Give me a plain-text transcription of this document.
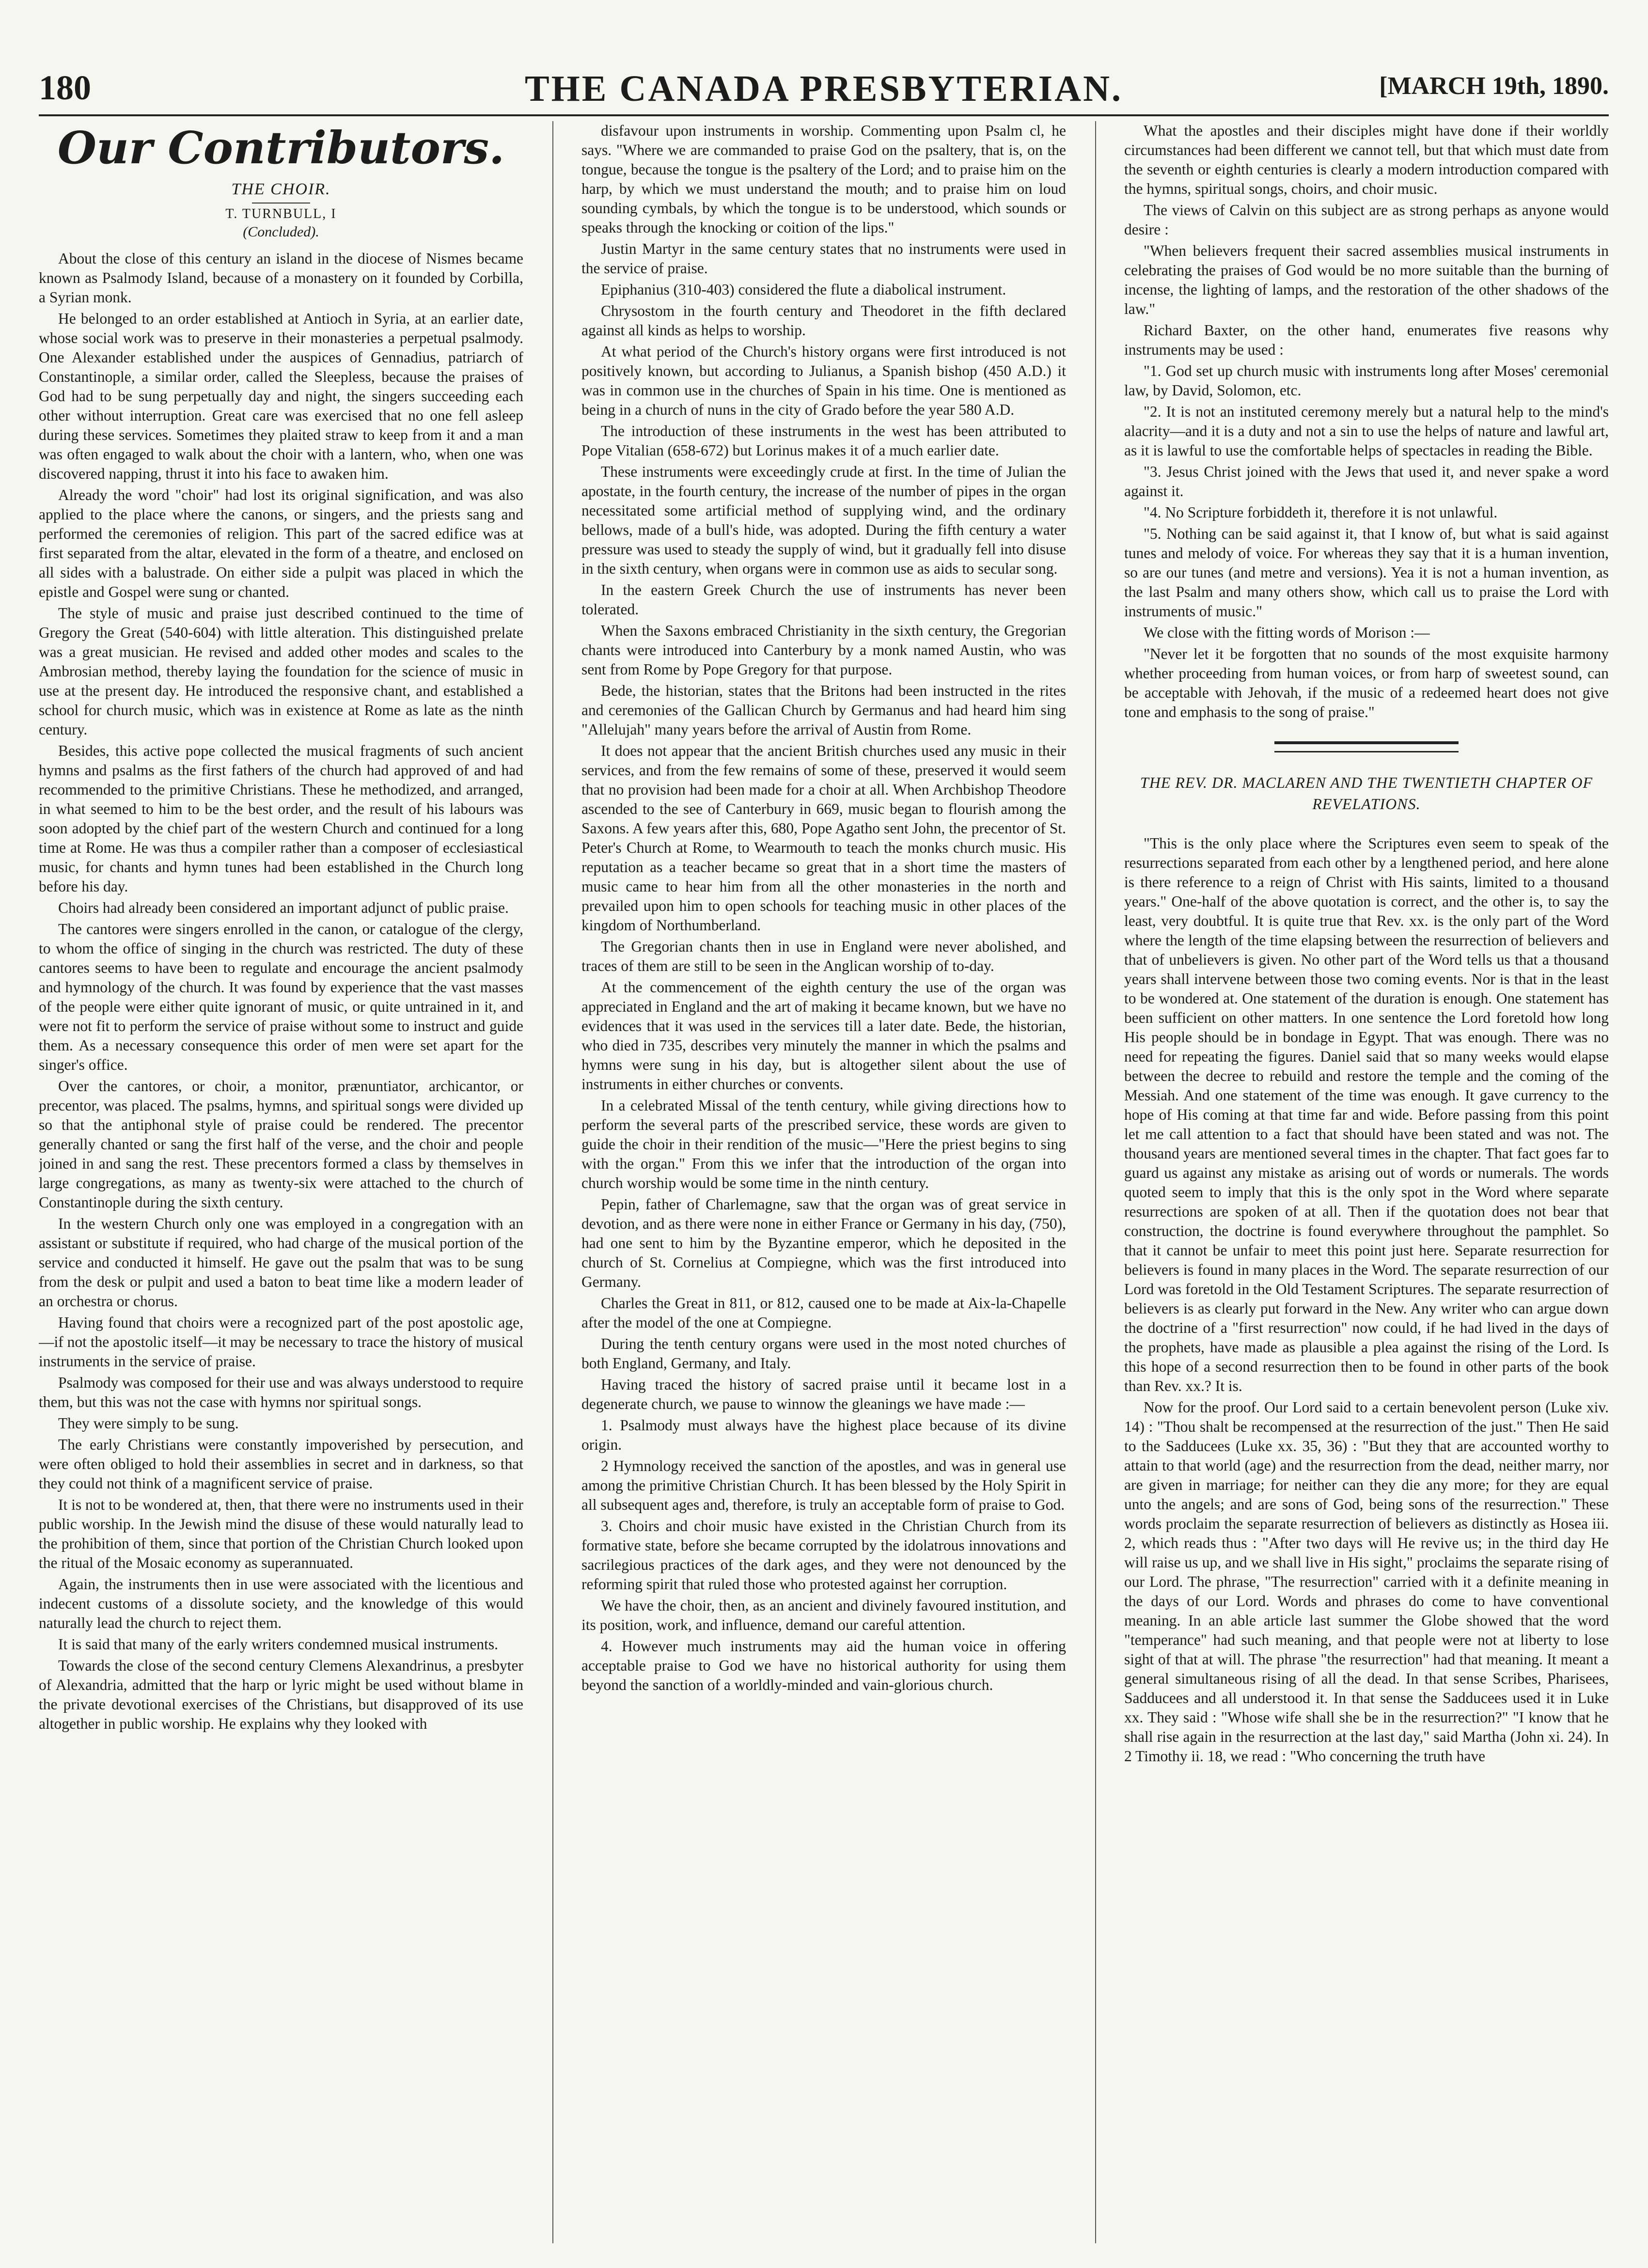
180	THE CANADA PRESBYTERIAN.	[MARCH 19th, 1890.
Our Contributors.
THE CHOIR.
T. TURNBULL, I
(Concluded).

About the close of this century an island in the diocese of Nismes became known as Psalmody Island, because of a monastery on it founded by Corbilla, a Syrian monk.

He belonged to an order established at Antioch in Syria, at an earlier date, whose social work was to preserve in their monasteries a perpetual psalmody. One Alexander established under the auspices of Gennadius, patriarch of Constantinople, a similar order, called the Sleepless, because the praises of God had to be sung perpetually day and night, the singers succeeding each other without interruption. Great care was exercised that no one fell asleep during these services. Sometimes they plaited straw to keep from it and a man was often engaged to walk about the choir with a lantern, who, when one was discovered napping, thrust it into his face to awaken him.

Already the word "choir" had lost its original signification, and was also applied to the place where the canons, or singers, and the priests sang and performed the ceremonies of religion. This part of the sacred edifice was at first separated from the altar, elevated in the form of a theatre, and enclosed on all sides with a balustrade. On either side a pulpit was placed in which the epistle and Gospel were sung or chanted.

The style of music and praise just described continued to the time of Gregory the Great (540-604) with little alteration. This distinguished prelate was a great musician. He revised and added other modes and scales to the Ambrosian method, thereby laying the foundation for the science of music in use at the present day. He introduced the responsive chant, and established a school for church music, which was in existence at Rome as late as the ninth century.

Besides, this active pope collected the musical fragments of such ancient hymns and psalms as the first fathers of the church had approved of and had recommended to the primitive Christians. These he methodized, and arranged, in what seemed to him to be the best order, and the result of his labours was soon adopted by the chief part of the western Church and continued for a long time at Rome. He was thus a compiler rather than a composer of ecclesiastical music, for chants and hymn tunes had been established in the Church long before his day.

Choirs had already been considered an important adjunct of public praise.

The cantores were singers enrolled in the canon, or catalogue of the clergy, to whom the office of singing in the church was restricted. The duty of these cantores seems to have been to regulate and encourage the ancient psalmody and hymnology of the church. It was found by experience that the vast masses of the people were either quite ignorant of music, or quite untrained in it, and were not fit to perform the service of praise without some to instruct and guide them. As a necessary consequence this order of men were set apart for the singer's office.

Over the cantores, or choir, a monitor, prænuntiator, archicantor, or precentor, was placed. The psalms, hymns, and spiritual songs were divided up so that the antiphonal style of praise could be rendered. The precentor generally chanted or sang the first half of the verse, and the choir and people joined in and sang the rest. These precentors formed a class by themselves in large congregations, as many as twenty-six were attached to the church of Constantinople during the sixth century.

In the western Church only one was employed in a congregation with an assistant or substitute if required, who had charge of the musical portion of the service and conducted it himself. He gave out the psalm that was to be sung from the desk or pulpit and used a baton to beat time like a modern leader of an orchestra or chorus.

Having found that choirs were a recognized part of the post apostolic age,—if not the apostolic itself—it may be necessary to trace the history of musical instruments in the service of praise.

Psalmody was composed for their use and was always understood to require them, but this was not the case with hymns nor spiritual songs.

They were simply to be sung.

The early Christians were constantly impoverished by persecution, and were often obliged to hold their assemblies in secret and in darkness, so that they could not think of a magnificent service of praise.

It is not to be wondered at, then, that there were no instruments used in their public worship. In the Jewish mind the disuse of these would naturally lead to the prohibition of them, since that portion of the Christian Church looked upon the ritual of the Mosaic economy as superannuated.

Again, the instruments then in use were associated with the licentious and indecent customs of a dissolute society, and the knowledge of this would naturally lead the church to reject them.

It is said that many of the early writers condemned musical instruments.

Towards the close of the second century Clemens Alexandrinus, a presbyter of Alexandria, admitted that the harp or lyric might be used without blame in the private devotional exercises of the Christians, but disapproved of its use altogether in public worship. He explains why they looked with

disfavour upon instruments in worship. Commenting upon Psalm cl, he says. "Where we are commanded to praise God on the psaltery, that is, on the tongue, because the tongue is the psaltery of the Lord; and to praise him on the harp, by which we must understand the mouth; and to praise him on loud sounding cymbals, by which the tongue is to be understood, which sounds or speaks through the knocking or coition of the lips."

Justin Martyr in the same century states that no instruments were used in the service of praise.

Epiphanius (310-403) considered the flute a diabolical instrument.

Chrysostom in the fourth century and Theodoret in the fifth declared against all kinds as helps to worship.

At what period of the Church's history organs were first introduced is not positively known, but according to Julianus, a Spanish bishop (450 A.D.) it was in common use in the churches of Spain in his time. One is mentioned as being in a church of nuns in the city of Grado before the year 580 A.D.

The introduction of these instruments in the west has been attributed to Pope Vitalian (658-672) but Lorinus makes it of a much earlier date.

These instruments were exceedingly crude at first. In the time of Julian the apostate, in the fourth century, the increase of the number of pipes in the organ necessitated some artificial method of supplying wind, and the ordinary bellows, made of a bull's hide, was adopted. During the fifth century a water pressure was used to steady the supply of wind, but it gradually fell into disuse in the sixth century, when organs were in common use as aids to secular song.

In the eastern Greek Church the use of instruments has never been tolerated.

When the Saxons embraced Christianity in the sixth century, the Gregorian chants were introduced into Canterbury by a monk named Austin, who was sent from Rome by Pope Gregory for that purpose.

Bede, the historian, states that the Britons had been instructed in the rites and ceremonies of the Gallican Church by Germanus and had heard him sing "Allelujah" many years before the arrival of Austin from Rome.

It does not appear that the ancient British churches used any music in their services, and from the few remains of some of these, preserved it would seem that no provision had been made for a choir at all. When Archbishop Theodore ascended to the see of Canterbury in 669, music began to flourish among the Saxons. A few years after this, 680, Pope Agatho sent John, the precentor of St. Peter's Church at Rome, to Wearmouth to teach the monks church music. His reputation as a teacher became so great that in a short time the masters of music came to hear him from all the other monasteries in the north and prevailed upon him to open schools for teaching music in other places of the kingdom of Northumberland.

The Gregorian chants then in use in England were never abolished, and traces of them are still to be seen in the Anglican worship of to-day.

At the commencement of the eighth century the use of the organ was appreciated in England and the art of making it became known, but we have no evidences that it was used in the services till a later date. Bede, the historian, who died in 735, describes very minutely the manner in which the psalms and hymns were sung in his day, but is altogether silent about the use of instruments in either churches or convents.

In a celebrated Missal of the tenth century, while giving directions how to perform the several parts of the prescribed service, these words are given to guide the choir in their rendition of the music—"Here the priest begins to sing with the organ." From this we infer that the introduction of the organ into church worship would be some time in the ninth century.

Pepin, father of Charlemagne, saw that the organ was of great service in devotion, and as there were none in either France or Germany in his day, (750), had one sent to him by the Byzantine emperor, which he deposited in the church of St. Cornelius at Compiegne, which was the first introduced into Germany.

Charles the Great in 811, or 812, caused one to be made at Aix-la-Chapelle after the model of the one at Compiegne.

During the tenth century organs were used in the most noted churches of both England, Germany, and Italy.

Having traced the history of sacred praise until it became lost in a degenerate church, we pause to winnow the gleanings we have made :—

1. Psalmody must always have the highest place because of its divine origin.

2 Hymnology received the sanction of the apostles, and was in general use among the primitive Christian Church. It has been blessed by the Holy Spirit in all subsequent ages and, therefore, is truly an acceptable form of praise to God.

3. Choirs and choir music have existed in the Christian Church from its formative state, before she became corrupted by the idolatrous innovations and sacrilegious practices of the dark ages, and they were not denounced by the reforming spirit that ruled those who protested against her corruption.

We have the choir, then, as an ancient and divinely favoured institution, and its position, work, and influence, demand our careful attention.

4. However much instruments may aid the human voice in offering acceptable praise to God we have no historical authority for using them beyond the sanction of a worldly-minded and vain-glorious church.

What the apostles and their disciples might have done if their worldly circumstances had been different we cannot tell, but that which must date from the seventh or eighth centuries is clearly a modern introduction compared with the hymns, spiritual songs, choirs, and choir music.

The views of Calvin on this subject are as strong perhaps as anyone would desire :

"When believers frequent their sacred assemblies musical instruments in celebrating the praises of God would be no more suitable than the burning of incense, the lighting of lamps, and the restoration of the other shadows of the law."

Richard Baxter, on the other hand, enumerates five reasons why instruments may be used :

"1. God set up church music with instruments long after Moses' ceremonial law, by David, Solomon, etc.

"2. It is not an instituted ceremony merely but a natural help to the mind's alacrity—and it is a duty and not a sin to use the helps of nature and lawful art, as it is lawful to use the comfortable helps of spectacles in reading the Bible.

"3. Jesus Christ joined with the Jews that used it, and never spake a word against it.

"4. No Scripture forbiddeth it, therefore it is not unlawful.

"5. Nothing can be said against it, that I know of, but what is said against tunes and melody of voice. For whereas they say that it is a human invention, so are our tunes (and metre and versions). Yea it is not a human invention, as the last Psalm and many others show, which call us to praise the Lord with instruments of music."

We close with the fitting words of Morison :—

"Never let it be forgotten that no sounds of the most exquisite harmony whether proceeding from human voices, or from harp of sweetest sound, can be acceptable with Jehovah, if the music of a redeemed heart does not give tone and emphasis to the song of praise."

THE REV. DR. MACLAREN AND THE TWENTIETH CHAPTER OF REVELATIONS.

"This is the only place where the Scriptures even seem to speak of the resurrections separated from each other by a lengthened period, and here alone is there reference to a reign of Christ with His saints, limited to a thousand years." One-half of the above quotation is correct, and the other is, to say the least, very doubtful. It is quite true that Rev. xx. is the only part of the Word where the length of the time elapsing between the resurrection of believers and that of unbelievers is given. No other part of the Word tells us that a thousand years shall intervene between those two coming events. Nor is that in the least to be wondered at. One statement of the duration is enough. One statement has been sufficient on other matters. In one sentence the Lord foretold how long His people should be in bondage in Egypt. That was enough. There was no need for repeating the figures. Daniel said that so many weeks would elapse between the decree to rebuild and restore the temple and the coming of the Messiah. And one statement of the time was enough. It gave currency to the hope of His coming at that time far and wide. Before passing from this point let me call attention to a fact that should have been stated and was not. The thousand years are mentioned several times in the chapter. That fact goes far to guard us against any mistake as arising out of words or numerals. The words quoted seem to imply that this is the only spot in the Word where separate resurrections are spoken of at all. Then if the quotation does not bear that construction, the doctrine is found everywhere throughout the pamphlet. So that it cannot be unfair to meet this point just here. Separate resurrection for believers is found in many places in the Word. The separate resurrection of our Lord was foretold in the Old Testament Scriptures. The separate resurrection of believers is as clearly put forward in the New. Any writer who can argue down the doctrine of a "first resurrection" now could, if he had lived in the days of the prophets, have made as plausible a plea against the rising of the Lord. Is this hope of a second resurrection then to be found in other parts of the book than Rev. xx.? It is.

Now for the proof. Our Lord said to a certain benevolent person (Luke xiv. 14) : "Thou shalt be recompensed at the resurrection of the just." Then He said to the Sadducees (Luke xx. 35, 36) : "But they that are accounted worthy to attain to that world (age) and the resurrection from the dead, neither marry, nor are given in marriage; for neither can they die any more; for they are equal unto the angels; and are sons of God, being sons of the resurrection." These words proclaim the separate resurrection of believers as distinctly as Hosea iii. 2, which reads thus : "After two days will He revive us; in the third day He will raise us up, and we shall live in His sight," proclaims the separate rising of our Lord. The phrase, "The resurrection" carried with it a definite meaning in the days of our Lord. Words and phrases do come to have conventional meaning. In an able article last summer the Globe showed that the word "temperance" had such meaning, and that people were not at liberty to lose sight of that at will. The phrase "the resurrection" had that meaning. It meant a general simultaneous rising of all the dead. In that sense Scribes, Pharisees, Sadducees and all understood it. In that sense the Sadducees used it in Luke xx. They said : "Whose wife shall she be in the resurrection?" "I know that he shall rise again in the resurrection at the last day," said Martha (John xi. 24). In 2 Timothy ii. 18, we read : "Who concerning the truth have
